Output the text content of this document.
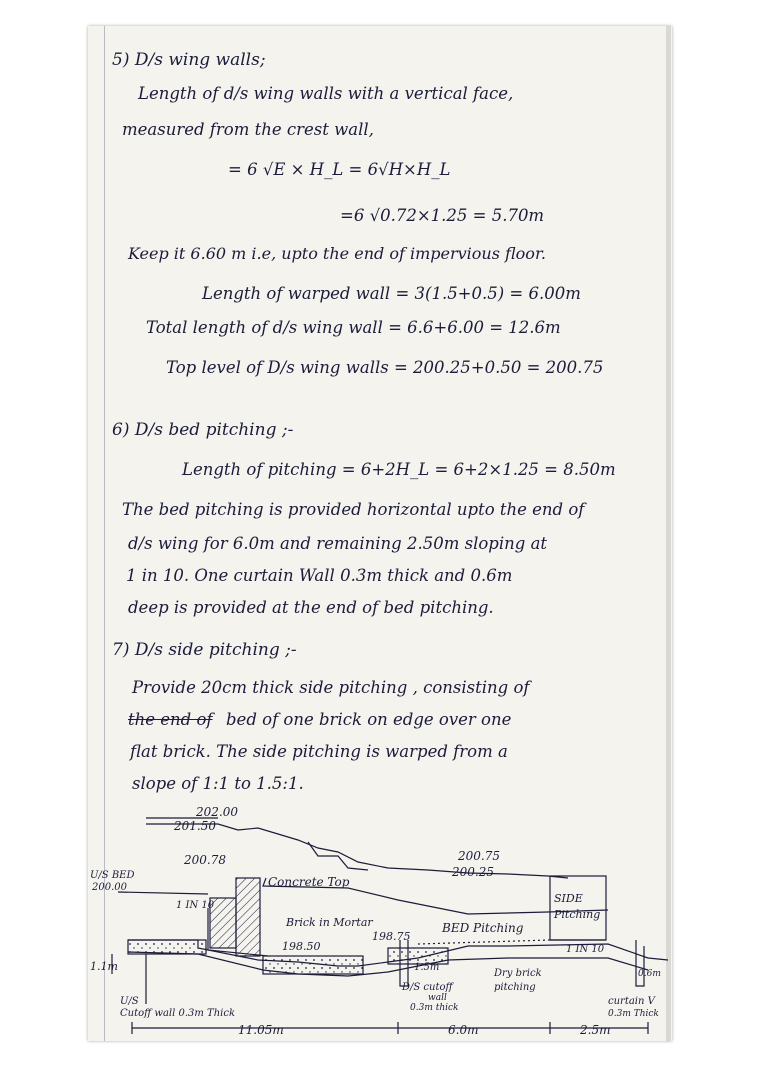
5) D/s wing walls;
Length of d/s wing walls with a vertical face,
measured from the crest wall,
= 6 √E × H_L = 6√H×H_L
=6 √0.72×1.25 = 5.70m
Keep it 6.60 m i.e, upto the end of impervious floor.
Length of warped wall = 3(1.5+0.5) = 6.00m
Total length of d/s wing wall = 6.6+6.00 = 12.6m
Top level of D/s wing walls = 200.25+0.50 = 200.75
6) D/s bed pitching ;-
Length of pitching = 6+2H_L = 6+2×1.25 = 8.50m
The bed pitching is provided horizontal upto the end of
d/s wing for 6.0m and remaining 2.50m sloping at
1 in 10. One curtain Wall 0.3m thick and 0.6m
deep is provided at the end of bed pitching.
7) D/s side pitching ;-
Provide 20cm thick side pitching , consisting of
the end of bed of one brick on edge over one
flat brick. The side pitching is warped from a
slope of 1:1 to 1.5:1.
202.00
201.50
200.78
Concrete Top
U/S BED
200.00
1 IN 10
Brick in Mortar
198.50
198.75
BED Pitching
200.75
200.25
SIDE
Pitching
1 IN 10
1.1m	1.5m
D/S cutoff
wall
0.3m thick
Dry brick
pitching
0.6m
curtain V
0.3m Thick
U/S
Cutoff wall 0.3m Thick
11.05m	6.0m	2.5m
